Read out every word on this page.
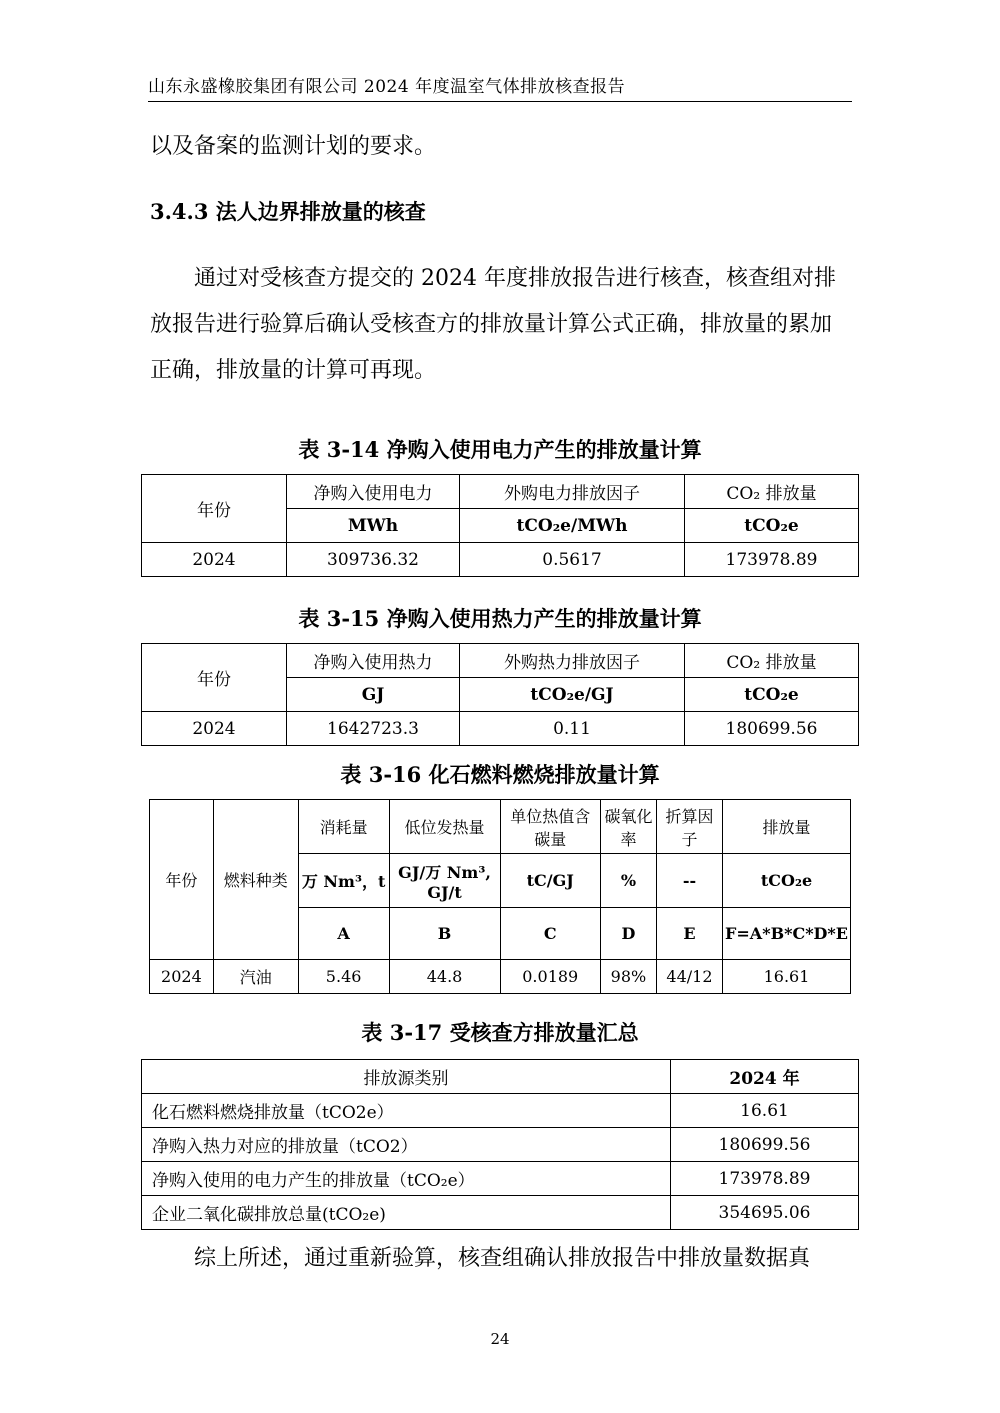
山东永盛橡胶集团有限公司 2024 年度温室气体排放核查报告

以及备案的监测计划的要求。

3.4.3 法人边界排放量的核查

通过对受核查方提交的 2024 年度排放报告进行核查，核查组对排放报告进行验算后确认受核查方的排放量计算公式正确，排放量的累加正确，排放量的计算可再现。

表 3-14 净购入使用电力产生的排放量计算

年份	净购入使用电力	外购电力排放因子	CO₂ 排放量
	MWh	tCO₂e/MWh	tCO₂e
2024	309736.32	0.5617	173978.89

表 3-15 净购入使用热力产生的排放量计算

年份	净购入使用热力	外购热力排放因子	CO₂ 排放量
	GJ	tCO₂e/GJ	tCO₂e
2024	1642723.3	0.11	180699.56

表 3-16 化石燃料燃烧排放量计算

年份	燃料种类	消耗量	低位发热量	单位热值含碳量	碳氧化率	折算因子	排放量
		万 Nm³，t	GJ/万 Nm³, GJ/t	tC/GJ	%	--	tCO₂e
		A	B	C	D	E	F=A*B*C*D*E
2024	汽油	5.46	44.8	0.0189	98%	44/12	16.61

表 3-17 受核查方排放量汇总

排放源类别	2024 年
化石燃料燃烧排放量（tCO2e）	16.61
净购入热力对应的排放量（tCO2）	180699.56
净购入使用的电力产生的排放量（tCO₂e）	173978.89
企业二氧化碳排放总量(tCO₂e)	354695.06

综上所述，通过重新验算，核查组确认排放报告中排放量数据真

24
